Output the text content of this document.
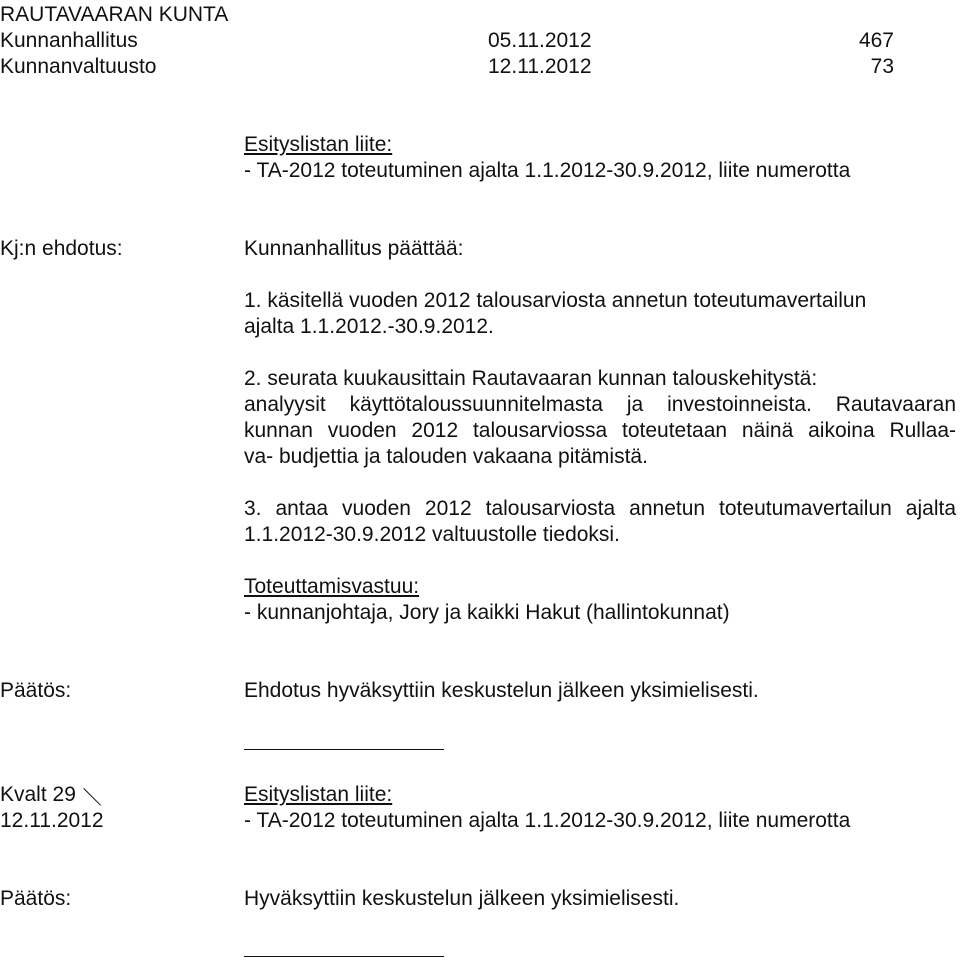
RAUTAVAARAN KUNTA
Kunnanhallitus	05.11.2012	467
Kunnanvaltuusto	12.11.2012	73
Esityslistan liite:
- TA-2012 toteutuminen ajalta 1.1.2012-30.9.2012, liite numerotta
Kj:n ehdotus:	Kunnanhallitus päättää:
1. käsitellä vuoden 2012 talousarviosta annetun toteutumavertailun
ajalta 1.1.2012.-30.9.2012.
2. seurata kuukausittain Rautavaaran kunnan talouskehitystä:
analyysit käyttötaloussuunnitelmasta ja investoinneista. Rautavaaran
kunnan vuoden 2012 talousarviossa toteutetaan näinä aikoina Rullaa-
va- budjettia ja talouden vakaana pitämistä.
3. antaa vuoden 2012 talousarviosta annetun toteutumavertailun ajalta
1.1.2012-30.9.2012 valtuustolle tiedoksi.
Toteuttamisvastuu:
- kunnanjohtaja, Jory ja kaikki Hakut (hallintokunnat)
Päätös:	Ehdotus hyväksyttiin keskustelun jälkeen yksimielisesti.
Kvalt 29	Esityslistan liite:
12.11.2012	- TA-2012 toteutuminen ajalta 1.1.2012-30.9.2012, liite numerotta
Päätös:	Hyväksyttiin keskustelun jälkeen yksimielisesti.
